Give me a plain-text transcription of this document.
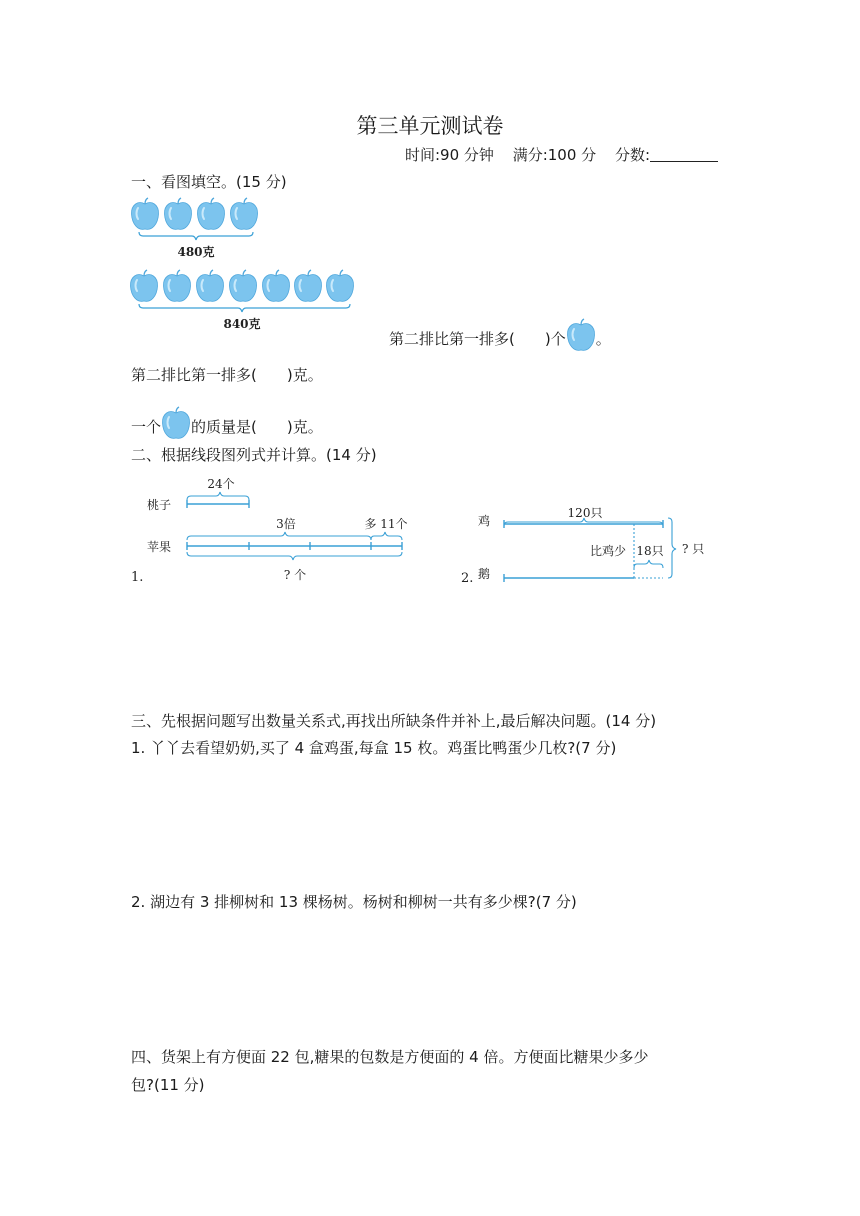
第三单元测试卷
时间:90 分钟 满分:100 分 分数:
一、看图填空。(15 分)
480克
840克
第二排比第一排多( )个 。
第二排比第一排多( )克。
一个 的质量是( )克。
二、根据线段图列式并计算。(14 分)
24个
桃子
3倍	多 11个
苹果
1.	? 个
120只
鸡
比鸡少 18只
2. 鹅
? 只
三、先根据问题写出数量关系式,再找出所缺条件并补上,最后解决问题。(14 分)
1. 丫丫去看望奶奶,买了 4 盒鸡蛋,每盒 15 枚。鸡蛋比鸭蛋少几枚?(7 分)
2. 湖边有 3 排柳树和 13 棵杨树。杨树和柳树一共有多少棵?(7 分)
四、货架上有方便面 22 包,糖果的包数是方便面的 4 倍。方便面比糖果少多少
包?(11 分)
